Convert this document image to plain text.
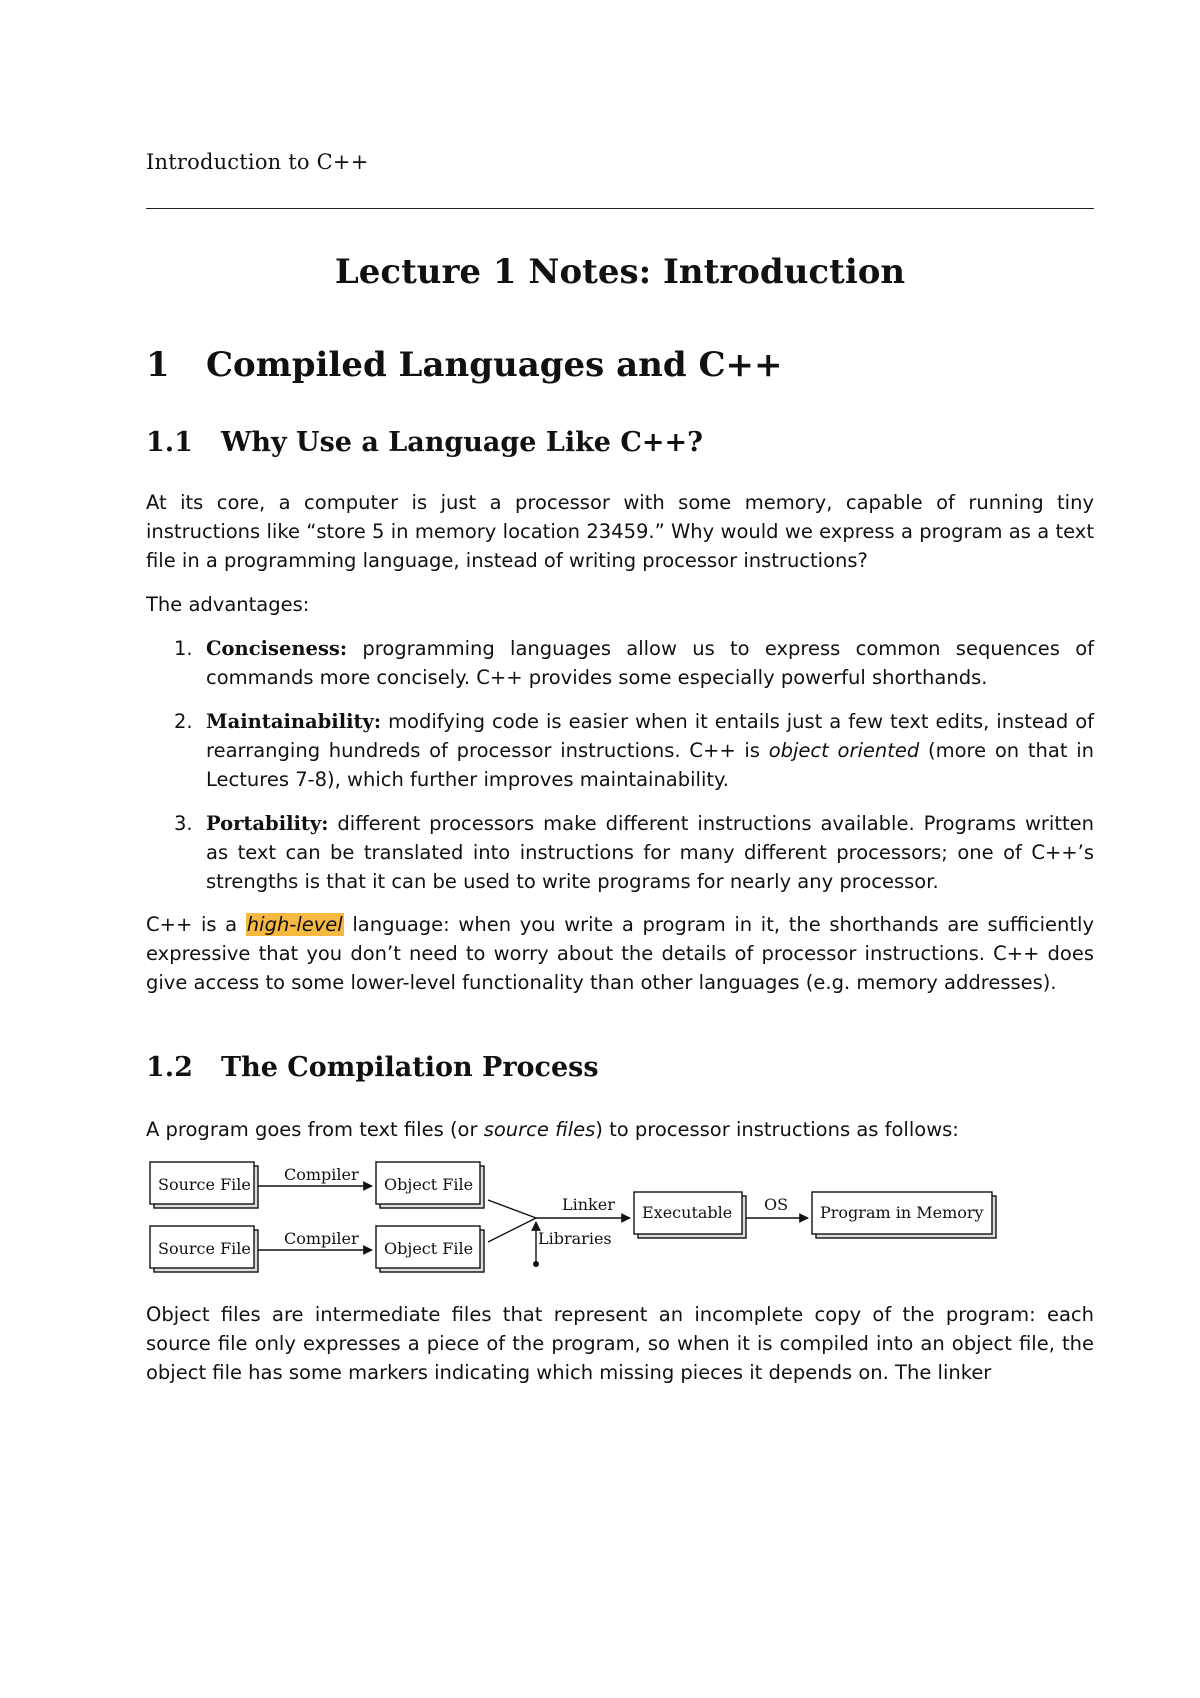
Introduction to C++
Lecture 1 Notes: Introduction
1 Compiled Languages and C++
1.1 Why Use a Language Like C++?

At its core, a computer is just a processor with some memory, capable of running tiny instructions like “store 5 in memory location 23459.” Why would we express a program as a text file in a programming language, instead of writing processor instructions?

The advantages:

1. Conciseness: programming languages allow us to express common sequences of commands more concisely. C++ provides some especially powerful shorthands.
2. Maintainability: modifying code is easier when it entails just a few text edits, instead of rearranging hundreds of processor instructions. C++ is object oriented (more on that in Lectures 7-8), which further improves maintainability.
3. Portability: different processors make different instructions available. Programs written as text can be translated into instructions for many different processors; one of C++’s strengths is that it can be used to write programs for nearly any processor.

C++ is a high-level language: when you write a program in it, the shorthands are sufficiently expressive that you don’t need to worry about the details of processor instructions. C++ does give access to some lower-level functionality than other languages (e.g. memory addresses).

1.2 The Compilation Process

A program goes from text files (or source files) to processor instructions as follows:

Source File
Source File
Compiler
Compiler
Object File
Object File
Linker
Libraries
Executable OS Program in Memory

Object files are intermediate files that represent an incomplete copy of the program: each source file only expresses a piece of the program, so when it is compiled into an object file, the object file has some markers indicating which missing pieces it depends on. The linker
